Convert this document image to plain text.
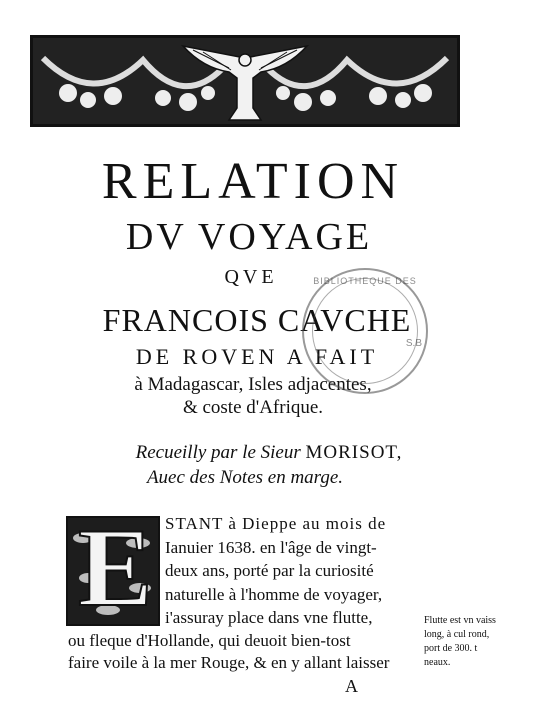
RELATION
DV VOYAGE
QVE
FRANCOIS CAVCHE
DE ROVEN A FAIT
à Madagascar, Isles adjacentes,
& coste d'Afrique.
BIBLIOTHEQUE DES
S.B
Recueilly par le Sieur MORISOT,
Auec des Notes en marge.
E STANT à Dieppe au mois de
Ianuier 1638. en l'âge de vingt-
deux ans, porté par la curiosité
naturelle à l'homme de voyager,
i'assuray place dans vne flutte,
ou fleque d'Hollande, qui deuoit bien-tost
faire voile à la mer Rouge, & en y allant laisser
Flutte est vn vaiss
long, à cul rond,
port de 300. t
neaux.
A
